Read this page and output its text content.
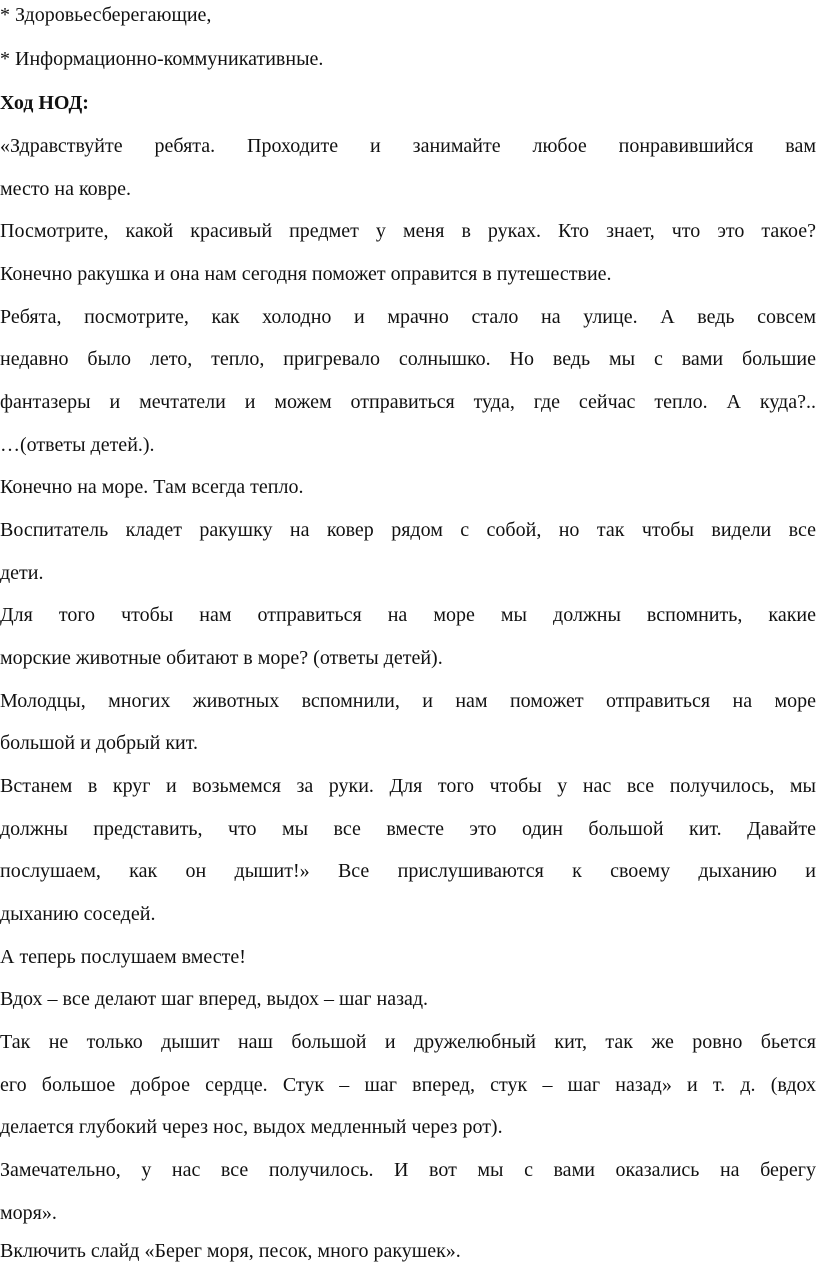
* Здоровьесберегающие,
* Информационно-коммуникативные.
Ход НОД:
«Здравствуйте ребята. Проходите и занимайте любое понравившийся вам
место на ковре.
Посмотрите, какой красивый предмет у меня в руках. Кто знает, что это такое?
Конечно ракушка и она нам сегодня поможет оправится в путешествие.
Ребята, посмотрите, как холодно и мрачно стало на улице. А ведь совсем
недавно было лето, тепло, пригревало солнышко. Но ведь мы с вами большие
фантазеры и мечтатели и можем отправиться туда, где сейчас тепло. А куда?..
…(ответы детей.).
Конечно на море. Там всегда тепло.
Воспитатель кладет ракушку на ковер рядом с собой, но так чтобы видели все
дети.
Для того чтобы нам отправиться на море мы должны вспомнить, какие
морские животные обитают в море? (ответы детей).
Молодцы, многих животных вспомнили, и нам поможет отправиться на море
большой и добрый кит.
Встанем в круг и возьмемся за руки. Для того чтобы у нас все получилось, мы
должны представить, что мы все вместе это один большой кит. Давайте
послушаем, как он дышит!» Все прислушиваются к своему дыханию и
дыханию соседей.
А теперь послушаем вместе!
Вдох – все делают шаг вперед, выдох – шаг назад.
Так не только дышит наш большой и дружелюбный кит, так же ровно бьется
его большое доброе сердце. Стук – шаг вперед, стук – шаг назад» и т. д. (вдох
делается глубокий через нос, выдох медленный через рот).
Замечательно, у нас все получилось. И вот мы с вами оказались на берегу
моря».
Включить слайд «Берег моря, песок, много ракушек».
